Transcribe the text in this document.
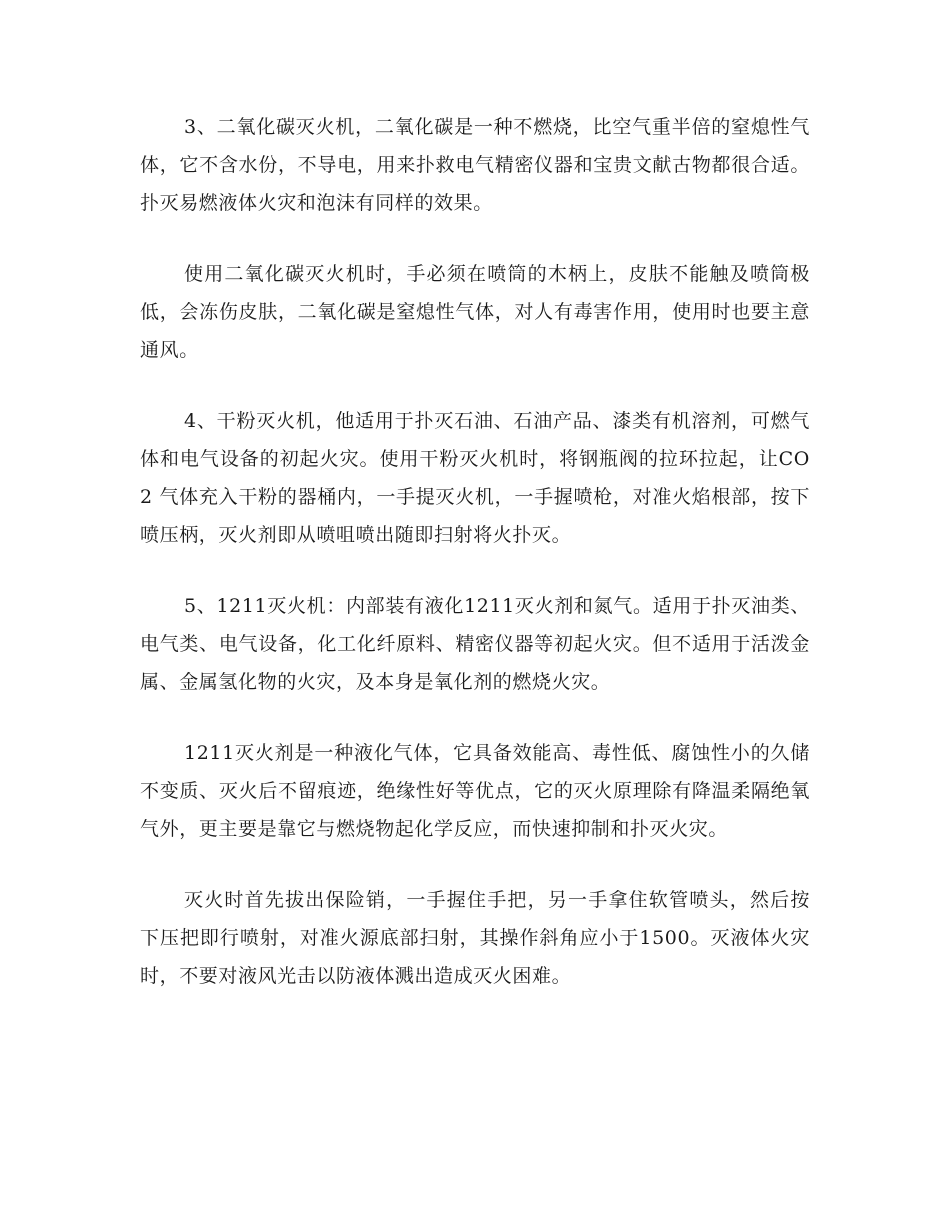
3、二氧化碳灭火机，二氧化碳是一种不燃烧，比空气重半倍的窒熄性气体，它不含水份，不导电，用来扑救电气精密仪器和宝贵文献古物都很合适。扑灭易燃液体火灾和泡沫有同样的效果。

使用二氧化碳灭火机时，手必须在喷筒的木柄上，皮肤不能触及喷筒极低，会冻伤皮肤，二氧化碳是窒熄性气体，对人有毒害作用，使用时也要主意通风。

4、干粉灭火机，他适用于扑灭石油、石油产品、漆类有机溶剂，可燃气体和电气设备的初起火灾。使用干粉灭火机时，将钢瓶阀的拉环拉起，让CO2 气体充入干粉的器桶内，一手提灭火机，一手握喷枪，对准火焰根部，按下喷压柄，灭火剂即从喷咀喷出随即扫射将火扑灭。

5、1211灭火机：内部装有液化1211灭火剂和氮气。适用于扑灭油类、电气类、电气设备，化工化纤原料、精密仪器等初起火灾。但不适用于活泼金属、金属氢化物的火灾，及本身是氧化剂的燃烧火灾。

1211灭火剂是一种液化气体，它具备效能高、毒性低、腐蚀性小的久储不变质、灭火后不留痕迹，绝缘性好等优点，它的灭火原理除有降温柔隔绝氧气外，更主要是靠它与燃烧物起化学反应，而快速抑制和扑灭火灾。

灭火时首先拔出保险销，一手握住手把，另一手拿住软管喷头，然后按下压把即行喷射，对准火源底部扫射，其操作斜角应小于1500。灭液体火灾时，不要对液风光击以防液体溅出造成灭火困难。
